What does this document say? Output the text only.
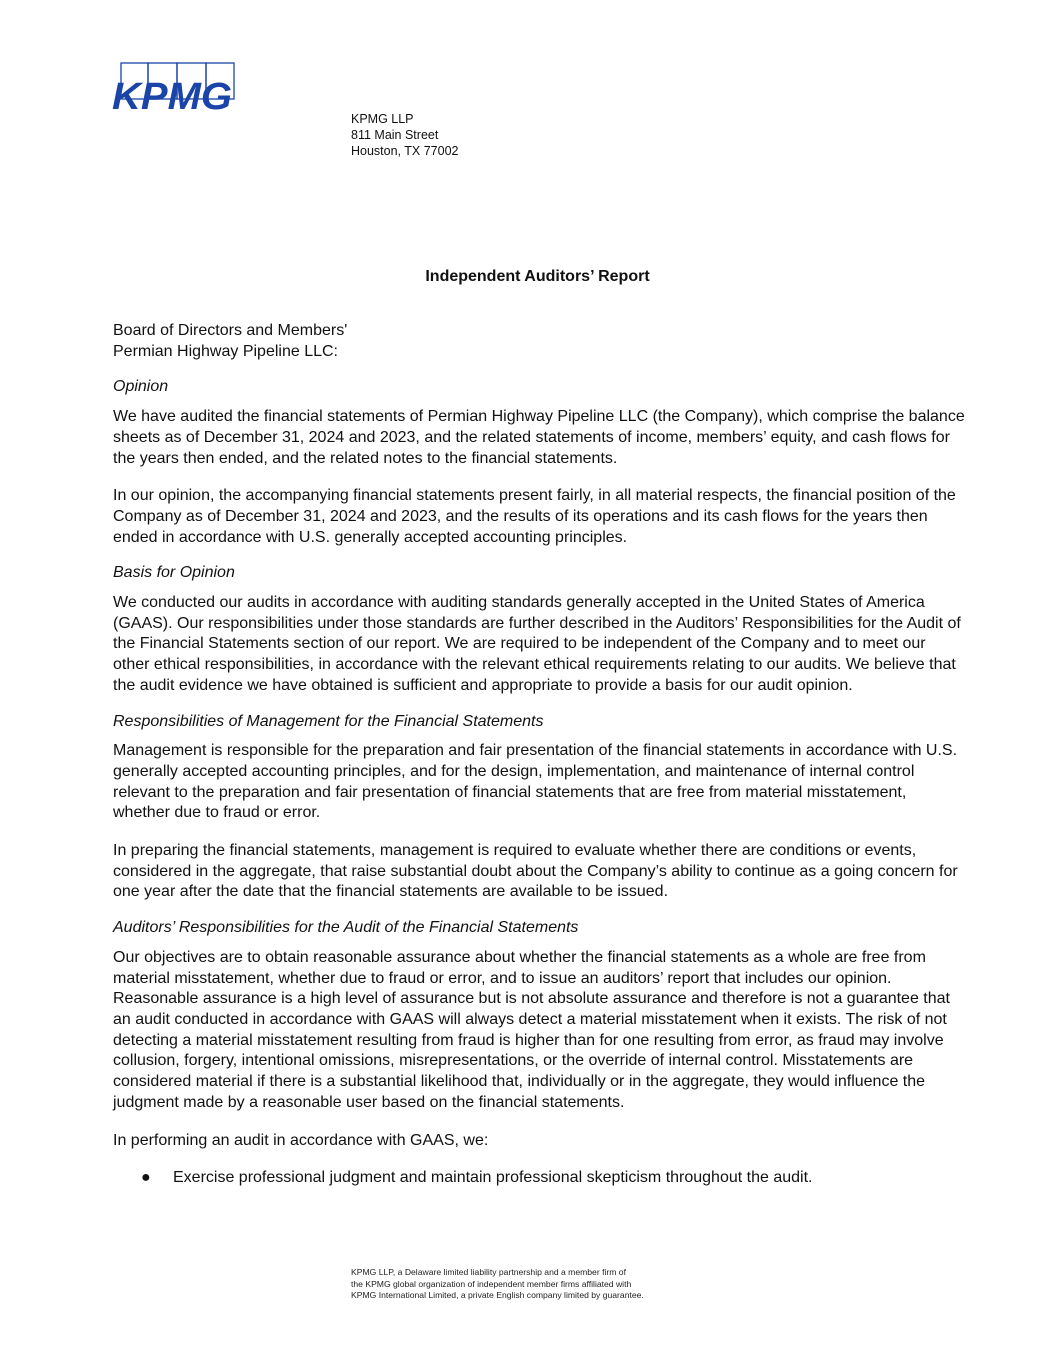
KPMG
KPMG LLP
811 Main Street
Houston, TX 77002
Independent Auditors’ Report

Board of Directors and Members'

Permian Highway Pipeline LLC:

Opinion

We have audited the financial statements of Permian Highway Pipeline LLC (the Company), which comprise the balance sheets as of December 31, 2024 and 2023, and the related statements of income, members’ equity, and cash flows for the years then ended, and the related notes to the financial statements.

In our opinion, the accompanying financial statements present fairly, in all material respects, the financial position of the Company as of December 31, 2024 and 2023, and the results of its operations and its cash flows for the years then ended in accordance with U.S. generally accepted accounting principles.

Basis for Opinion

We conducted our audits in accordance with auditing standards generally accepted in the United States of America (GAAS). Our responsibilities under those standards are further described in the Auditors’ Responsibilities for the Audit of the Financial Statements section of our report. We are required to be independent of the Company and to meet our other ethical responsibilities, in accordance with the relevant ethical requirements relating to our audits. We believe that the audit evidence we have obtained is sufficient and appropriate to provide a basis for our audit opinion.

Responsibilities of Management for the Financial Statements

Management is responsible for the preparation and fair presentation of the financial statements in accordance with U.S. generally accepted accounting principles, and for the design, implementation, and maintenance of internal control relevant to the preparation and fair presentation of financial statements that are free from material misstatement, whether due to fraud or error.

In preparing the financial statements, management is required to evaluate whether there are conditions or events, considered in the aggregate, that raise substantial doubt about the Company’s ability to continue as a going concern for one year after the date that the financial statements are available to be issued.

Auditors’ Responsibilities for the Audit of the Financial Statements

Our objectives are to obtain reasonable assurance about whether the financial statements as a whole are free from material misstatement, whether due to fraud or error, and to issue an auditors’ report that includes our opinion. Reasonable assurance is a high level of assurance but is not absolute assurance and therefore is not a guarantee that an audit conducted in accordance with GAAS will always detect a material misstatement when it exists. The risk of not detecting a material misstatement resulting from fraud is higher than for one resulting from error, as fraud may involve collusion, forgery, intentional omissions, misrepresentations, or the override of internal control. Misstatements are considered material if there is a substantial likelihood that, individually or in the aggregate, they would influence the judgment made by a reasonable user based on the financial statements.

In performing an audit in accordance with GAAS, we:

● Exercise professional judgment and maintain professional skepticism throughout the audit.
KPMG LLP, a Delaware limited liability partnership and a member firm of
the KPMG global organization of independent member firms affiliated with
KPMG International Limited, a private English company limited by guarantee.
